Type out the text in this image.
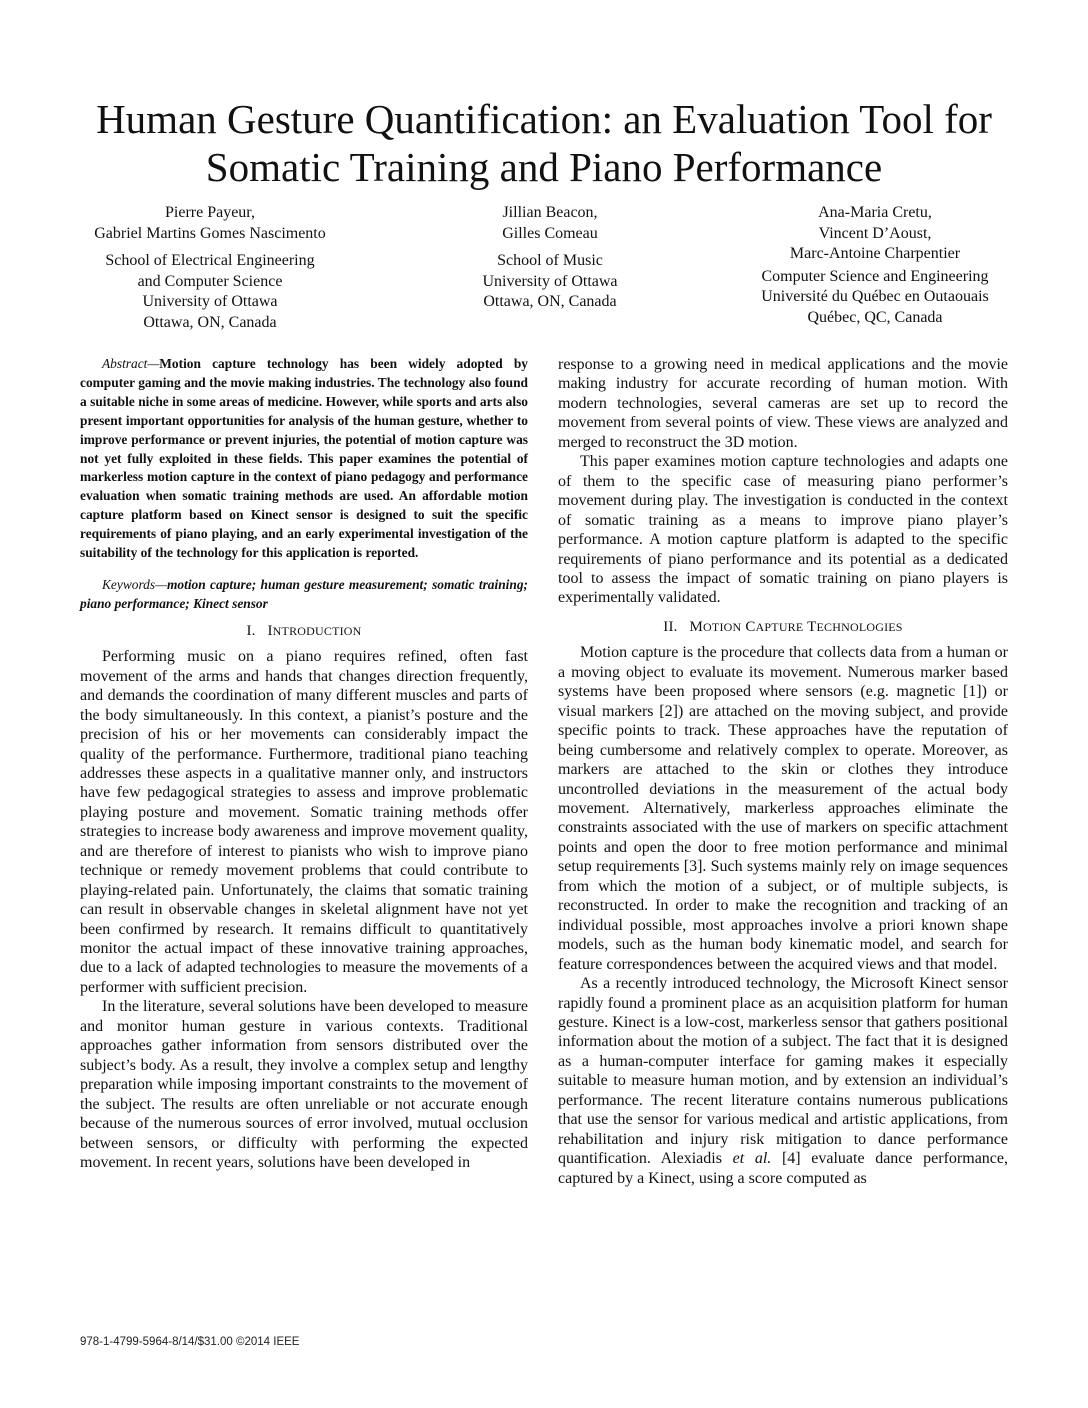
Human Gesture Quantification: an Evaluation Tool for Somatic Training and Piano Performance
Pierre Payeur,
Gabriel Martins Gomes Nascimento
School of Electrical Engineering
and Computer Science
University of Ottawa
Ottawa, ON, Canada
Jillian Beacon,
Gilles Comeau
School of Music
University of Ottawa
Ottawa, ON, Canada
Ana-Maria Cretu,
Vincent D’Aoust,
Marc-Antoine Charpentier
Computer Science and Engineering
Université du Québec en Outaouais
Québec, QC, Canada

Abstract—Motion capture technology has been widely adopted by computer gaming and the movie making industries. The technology also found a suitable niche in some areas of medicine. However, while sports and arts also present important opportunities for analysis of the human gesture, whether to improve performance or prevent injuries, the potential of motion capture was not yet fully exploited in these fields. This paper examines the potential of markerless motion capture in the context of piano pedagogy and performance evaluation when somatic training methods are used. An affordable motion capture platform based on Kinect sensor is designed to suit the specific requirements of piano playing, and an early experimental investigation of the suitability of the technology for this application is reported.

Keywords—motion capture; human gesture measurement; somatic training; piano performance; Kinect sensor

I. INTRODUCTION

Performing music on a piano requires refined, often fast movement of the arms and hands that changes direction frequently, and demands the coordination of many different muscles and parts of the body simultaneously. In this context, a pianist’s posture and the precision of his or her movements can considerably impact the quality of the performance. Furthermore, traditional piano teaching addresses these aspects in a qualitative manner only, and instructors have few pedagogical strategies to assess and improve problematic playing posture and movement. Somatic training methods offer strategies to increase body awareness and improve movement quality, and are therefore of interest to pianists who wish to improve piano technique or remedy movement problems that could contribute to playing-related pain. Unfortunately, the claims that somatic training can result in observable changes in skeletal alignment have not yet been confirmed by research. It remains difficult to quantitatively monitor the actual impact of these innovative training approaches, due to a lack of adapted technologies to measure the movements of a performer with sufficient precision.

In the literature, several solutions have been developed to measure and monitor human gesture in various contexts. Traditional approaches gather information from sensors distributed over the subject’s body. As a result, they involve a complex setup and lengthy preparation while imposing important constraints to the movement of the subject. The results are often unreliable or not accurate enough because of the numerous sources of error involved, mutual occlusion between sensors, or difficulty with performing the expected movement. In recent years, solutions have been developed in

response to a growing need in medical applications and the movie making industry for accurate recording of human motion. With modern technologies, several cameras are set up to record the movement from several points of view. These views are analyzed and merged to reconstruct the 3D motion.

This paper examines motion capture technologies and adapts one of them to the specific case of measuring piano performer’s movement during play. The investigation is conducted in the context of somatic training as a means to improve piano player’s performance. A motion capture platform is adapted to the specific requirements of piano performance and its potential as a dedicated tool to assess the impact of somatic training on piano players is experimentally validated.

II. MOTION CAPTURE TECHNOLOGIES

Motion capture is the procedure that collects data from a human or a moving object to evaluate its movement. Numerous marker based systems have been proposed where sensors (e.g. magnetic [1]) or visual markers [2]) are attached on the moving subject, and provide specific points to track. These approaches have the reputation of being cumbersome and relatively complex to operate. Moreover, as markers are attached to the skin or clothes they introduce uncontrolled deviations in the measurement of the actual body movement. Alternatively, markerless approaches eliminate the constraints associated with the use of markers on specific attachment points and open the door to free motion performance and minimal setup requirements [3]. Such systems mainly rely on image sequences from which the motion of a subject, or of multiple subjects, is reconstructed. In order to make the recognition and tracking of an individual possible, most approaches involve a priori known shape models, such as the human body kinematic model, and search for feature correspondences between the acquired views and that model.

As a recently introduced technology, the Microsoft Kinect sensor rapidly found a prominent place as an acquisition platform for human gesture. Kinect is a low-cost, markerless sensor that gathers positional information about the motion of a subject. The fact that it is designed as a human-computer interface for gaming makes it especially suitable to measure human motion, and by extension an individual’s performance. The recent literature contains numerous publications that use the sensor for various medical and artistic applications, from rehabilitation and injury risk mitigation to dance performance quantification. Alexiadis et al. [4] evaluate dance performance, captured by a Kinect, using a score computed as

978-1-4799-5964-8/14/$31.00 ©2014 IEEE
